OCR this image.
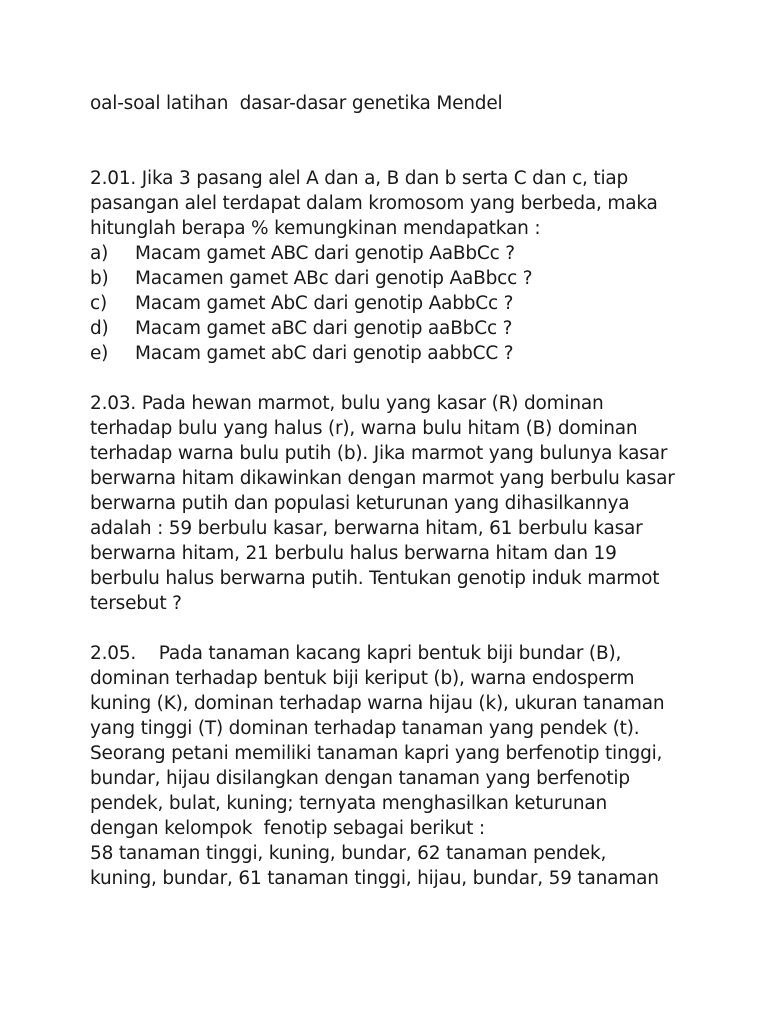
oal-soal latihan  dasar-dasar genetika Mendel
2.01. Jika 3 pasang alel A dan a, B dan b serta C dan c, tiap
pasangan alel terdapat dalam kromosom yang berbeda, maka
hitunglah berapa % kemungkinan mendapatkan :
a) Macam gamet ABC dari genotip AaBbCc ?
b) Macamen gamet ABc dari genotip AaBbcc ?
c) Macam gamet AbC dari genotip AabbCc ?
d) Macam gamet aBC dari genotip aaBbCc ?
e) Macam gamet abC dari genotip aabbCC ?
2.03. Pada hewan marmot, bulu yang kasar (R) dominan
terhadap bulu yang halus (r), warna bulu hitam (B) dominan
terhadap warna bulu putih (b). Jika marmot yang bulunya kasar
berwarna hitam dikawinkan dengan marmot yang berbulu kasar
berwarna putih dan populasi keturunan yang dihasilkannya
adalah : 59 berbulu kasar, berwarna hitam, 61 berbulu kasar
berwarna hitam, 21 berbulu halus berwarna hitam dan 19
berbulu halus berwarna putih. Tentukan genotip induk marmot
tersebut ?
2.05.    Pada tanaman kacang kapri bentuk biji bundar (B),
dominan terhadap bentuk biji keriput (b), warna endosperm
kuning (K), dominan terhadap warna hijau (k), ukuran tanaman
yang tinggi (T) dominan terhadap tanaman yang pendek (t).
Seorang petani memiliki tanaman kapri yang berfenotip tinggi,
bundar, hijau disilangkan dengan tanaman yang berfenotip
pendek, bulat, kuning; ternyata menghasilkan keturunan
dengan kelompok  fenotip sebagai berikut :
58 tanaman tinggi, kuning, bundar, 62 tanaman pendek,
kuning, bundar, 61 tanaman tinggi, hijau, bundar, 59 tanaman
